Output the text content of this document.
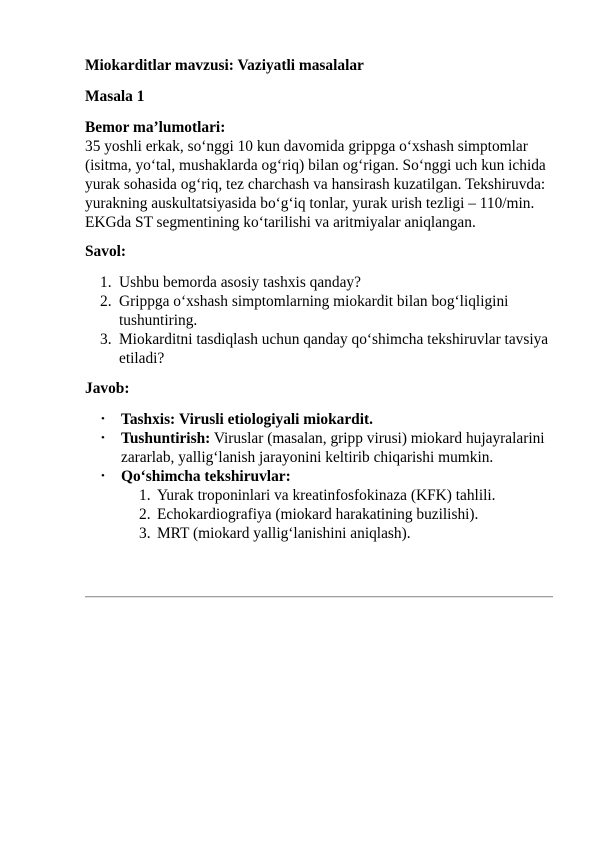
Miokarditlar mavzusi: Vaziyatli masalalar

Masala 1

Bemor ma’lumotlari:

35 yoshli erkak, so‘nggi 10 kun davomida grippga o‘xshash simptomlar (isitma, yo‘tal, mushaklarda og‘riq) bilan og‘rigan. So‘nggi uch kun ichida yurak sohasida og‘riq, tez charchash va hansirash kuzatilgan. Tekshiruvda: yurakning auskultatsiyasida bo‘g‘iq tonlar, yurak urish tezligi – 110/min. EKGda ST segmentining ko‘tarilishi va aritmiyalar aniqlangan.

Savol:

1. Ushbu bemorda asosiy tashxis qanday?
2. Grippga o‘xshash simptomlarning miokardit bilan bog‘liqligini tushuntiring.
3. Miokarditni tasdiqlash uchun qanday qo‘shimcha tekshiruvlar tavsiya etiladi?

Javob:

• Tashxis: Virusli etiologiyali miokardit.
• Tushuntirish: Viruslar (masalan, gripp virusi) miokard hujayralarini zararlab, yallig‘lanish jarayonini keltirib chiqarishi mumkin.
• Qo‘shimcha tekshiruvlar:
1. Yurak troponinlari va kreatinfosfokinaza (KFK) tahlili.
2. Echokardiografiya (miokard harakatining buzilishi).
3. MRT (miokard yallig‘lanishini aniqlash).
